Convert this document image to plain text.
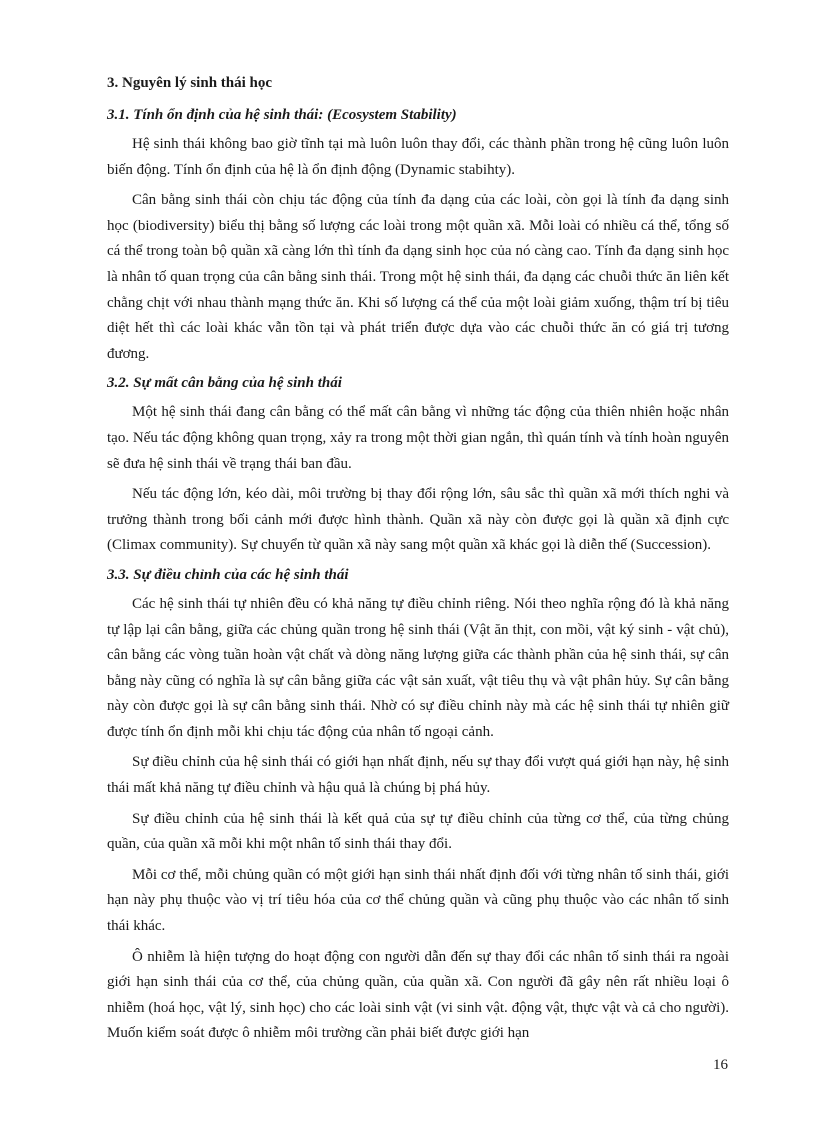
3. Nguyên lý sinh thái học
3.1. Tính ổn định của hệ sinh thái: (Ecosystem Stability)

Hệ sinh thái không bao giờ tĩnh tại mà luôn luôn thay đổi, các thành phần trong hệ cũng luôn luôn biến động. Tính ổn định của hệ là ổn định động (Dynamic stabihty).

Cân bằng sinh thái còn chịu tác động của tính đa dạng của các loài, còn gọi là tính đa dạng sinh học (biodiversity) biểu thị bằng số lượng các loài trong một quần xã. Mỗi loài có nhiều cá thể, tổng số cá thể trong toàn bộ quần xã càng lớn thì tính đa dạng sinh học của nó càng cao. Tính đa dạng sinh học là nhân tố quan trọng của cân bằng sinh thái. Trong một hệ sinh thái, đa dạng các chuỗi thức ăn liên kết chằng chịt với nhau thành mạng thức ăn. Khi số lượng cá thể của một loài giảm xuống, thậm trí bị tiêu diệt hết thì các loài khác vẫn tồn tại và phát triển được dựa vào các chuỗi thức ăn có giá trị tương đương.

3.2. Sự mất cân bằng của hệ sinh thái

Một hệ sinh thái đang cân bằng có thể mất cân bằng vì những tác động của thiên nhiên hoặc nhân tạo. Nếu tác động không quan trọng, xảy ra trong một thời gian ngắn, thì quán tính và tính hoàn nguyên sẽ đưa hệ sinh thái về trạng thái ban đầu.

Nếu tác động lớn, kéo dài, môi trường bị thay đổi rộng lớn, sâu sắc thì quần xã mới thích nghi và trưởng thành trong bối cảnh mới được hình thành. Quần xã này còn được gọi là quần xã định cực (Climax community). Sự chuyển từ quần xã này sang một quần xã khác gọi là diễn thế (Succession).

3.3. Sự điều chỉnh của các hệ sinh thái

Các hệ sinh thái tự nhiên đều có khả năng tự điều chỉnh riêng. Nói theo nghĩa rộng đó là khả năng tự lập lại cân bằng, giữa các chủng quần trong hệ sinh thái (Vật ăn thịt, con mồi, vật ký sinh - vật chủ), cân bằng các vòng tuần hoàn vật chất và dòng năng lượng giữa các thành phần của hệ sinh thái, sự cân bằng này cũng có nghĩa là sự cân bằng giữa các vật sản xuất, vật tiêu thụ và vật phân hủy. Sự cân bằng này còn được gọi là sự cân bằng sinh thái. Nhờ có sự điều chỉnh này mà các hệ sinh thái tự nhiên giữ được tính ổn định mỗi khi chịu tác động của nhân tố ngoại cảnh.

Sự điều chỉnh của hệ sinh thái có giới hạn nhất định, nếu sự thay đổi vượt quá giới hạn này, hệ sinh thái mất khả năng tự điều chỉnh và hậu quả là chúng bị phá hủy.

Sự điều chỉnh của hệ sinh thái là kết quả của sự tự điều chỉnh của từng cơ thể, của từng chủng quần, của quần xã mỗi khi một nhân tố sinh thái thay đổi.

Mỗi cơ thể, mỗi chủng quần có một giới hạn sinh thái nhất định đối với từng nhân tố sinh thái, giới hạn này phụ thuộc vào vị trí tiêu hóa của cơ thể chủng quần và cũng phụ thuộc vào các nhân tố sinh thái khác.

Ô nhiễm là hiện tượng do hoạt động con người dẫn đến sự thay đổi các nhân tố sinh thái ra ngoài giới hạn sinh thái của cơ thể, của chủng quần, của quần xã. Con người đã gây nên rất nhiều loại ô nhiễm (hoá học, vật lý, sinh học) cho các loài sinh vật (vi sinh vật. động vật, thực vật và cả cho người). Muốn kiểm soát được ô nhiễm môi trường cần phải biết được giới hạn

16
